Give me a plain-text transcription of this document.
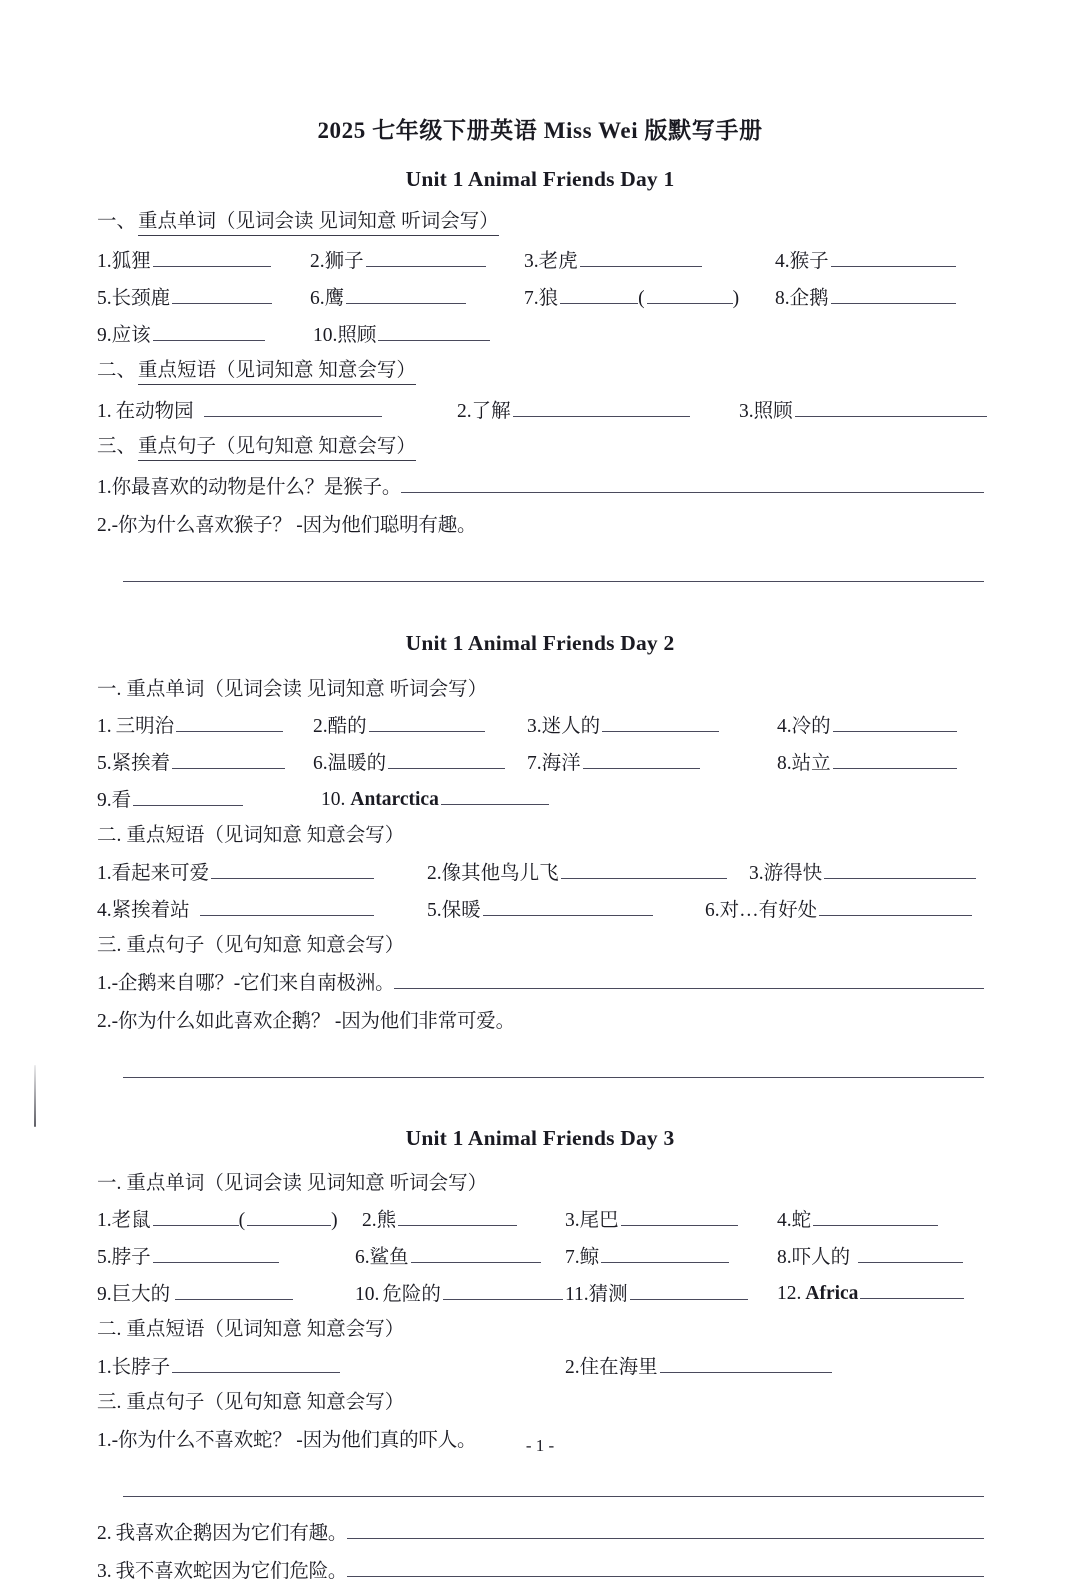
2025 七年级下册英语 Miss Wei 版默写手册
Unit 1 Animal Friends Day 1
一、 重点单词（见词会读 见词知意 听词会写）
1. 狐狸	2. 狮子	3. 老虎	4. 猴子
5. 长颈鹿	6. 鹰	7. 狼	(	) 8. 企鹅
9. 应该	10. 照顾
二、 重点短语（见词知意 知意会写）
1. 在动物园	2. 了解	3. 照顾
三、 重点句子（见句知意 知意会写）
1. 你最喜欢的动物是什么？是猴子。
2. -你为什么喜欢猴子？ -因为他们聪明有趣。
Unit 1 Animal Friends Day 2
一. 重点单词（见词会读 见词知意 听词会写）
1. 三明治	2. 酷的	3. 迷人的	4. 冷的
5. 紧挨着	6. 温暖的	7. 海洋	8. 站立
9. 看	10. Antarctica
二. 重点短语（见词知意 知意会写）
1. 看起来可爱	2. 像其他鸟儿飞	3. 游得快
4. 紧挨着站	5. 保暖	6. 对…有好处
三. 重点句子（见句知意 知意会写）
1. -企鹅来自哪？-它们来自南极洲。
2. -你为什么如此喜欢企鹅？ -因为他们非常可爱。
Unit 1 Animal Friends Day 3
一. 重点单词（见词会读 见词知意 听词会写）
1. 老鼠	(	) 2. 熊	3. 尾巴	4. 蛇
5. 脖子	6. 鲨鱼	7. 鲸	8. 吓人的
9. 巨大的	10. 危险的	11. 猜测	12. Africa
二. 重点短语（见词知意 知意会写）
1. 长脖子	2. 住在海里
三. 重点句子（见句知意 知意会写）
1. -你为什么不喜欢蛇？ -因为他们真的吓人。
2. 我喜欢企鹅因为它们有趣。
3. 我不喜欢蛇因为它们危险。
- 1 -
